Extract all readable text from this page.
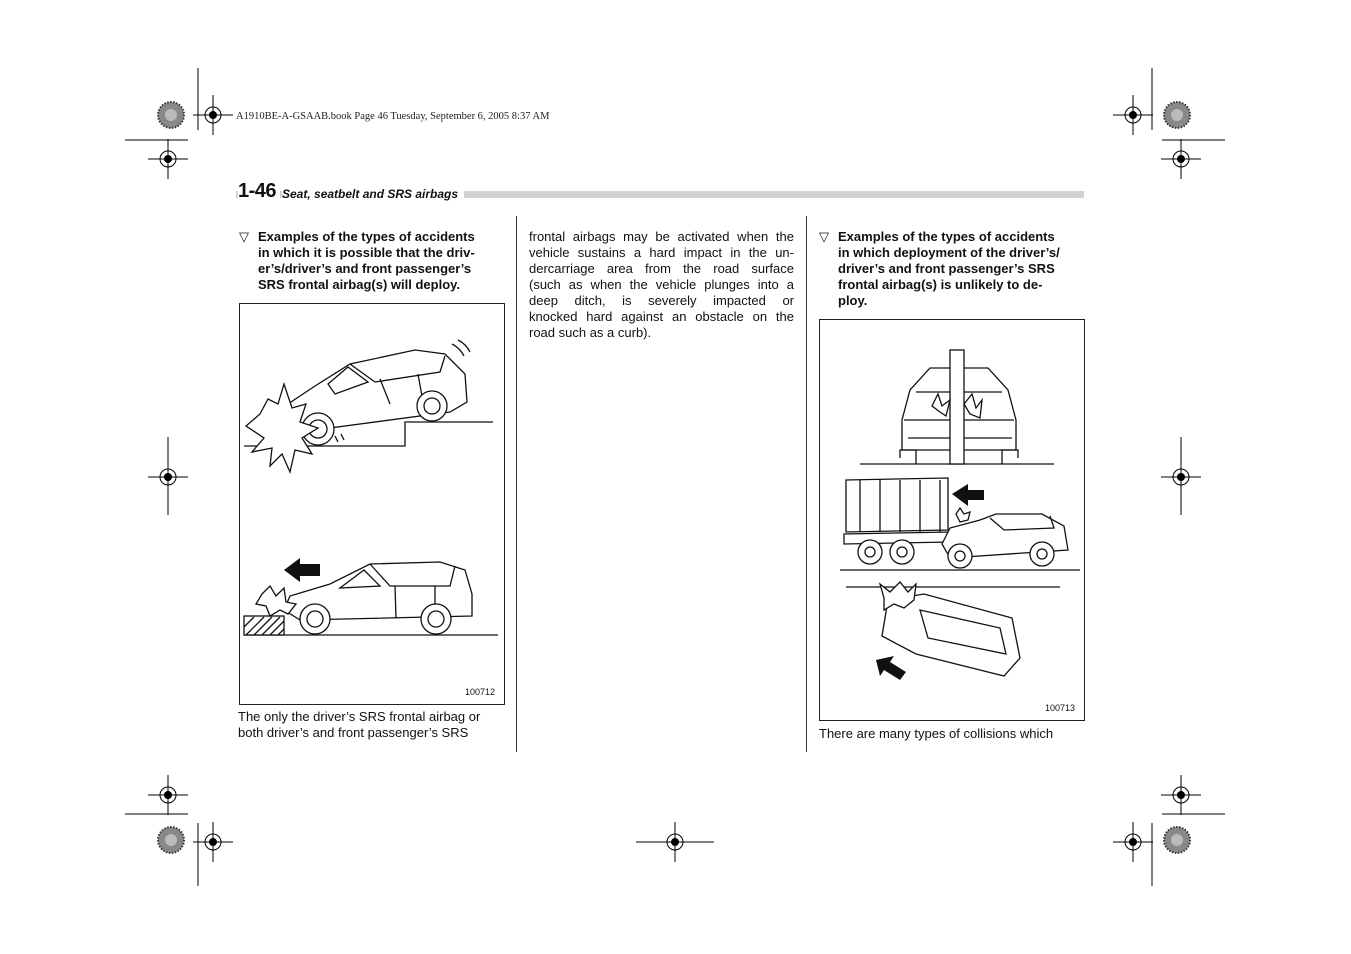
A1910BE-A-GSAAB.book Page 46 Tuesday, September 6, 2005 8:37 AM
1-46 Seat, seatbelt and SRS airbags
▽ Examples of the types of accidents
in which it is possible that the driv-
er’s/driver’s and front passenger’s
SRS frontal airbag(s) will deploy.
100712
The only the driver’s SRS frontal airbag or
both driver’s and front passenger’s SRS
frontal airbags may be activated when the
vehicle sustains a hard impact in the un-
dercarriage area from the road surface
(such as when the vehicle plunges into a
deep ditch, is severely impacted or
knocked hard against an obstacle on the
road such as a curb).
▽ Examples of the types of accidents
in which deployment of the driver’s/
driver’s and front passenger’s SRS
frontal airbag(s) is unlikely to de-
ploy.
100713
There are many types of collisions which
